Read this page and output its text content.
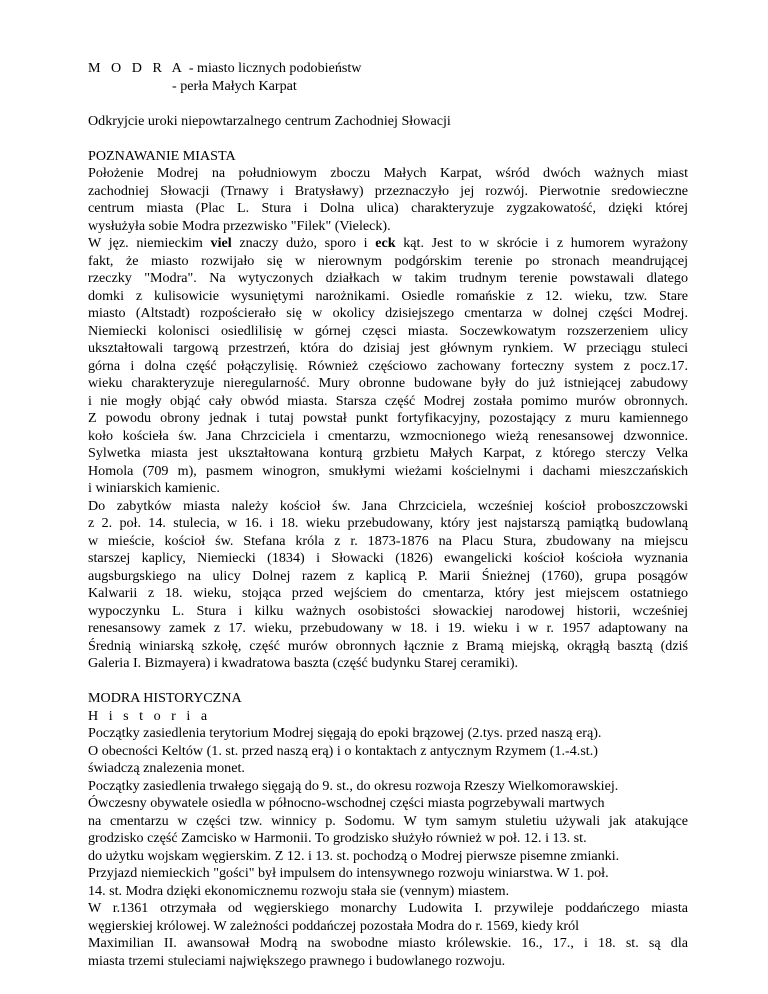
M O D R A - miasto licznych podobieństw
- perła Małych Karpat

Odkryjcie uroki niepowtarzalnego centrum Zachodniej Słowacji

POZNAWANIE MIASTA

Położenie Modrej na południowym zboczu Małych Karpat, wśród dwóch ważnych miast

zachodniej Słowacji (Trnawy i Bratysławy) przeznaczyło jej rozwój. Pierwotnie sredowieczne

centrum miasta (Plac L. Stura i Dolna ulica) charakteryzuje zygzakowatość, dzięki której

wysłużyła sobie Modra przezwisko "Filek" (Vieleck).

W jęz. niemieckim viel znaczy dużo, sporo i eck kąt. Jest to w skrócie i z humorem wyrażony

fakt, że miasto rozwijało się w nierownym podgórskim terenie po stronach meandrującej

rzeczky "Modra". Na wytyczonych działkach w takim trudnym terenie powstawali dlatego

domki z kulisowicie wysuniętymi narożnikami. Osiedle romańskie z 12. wieku, tzw. Stare

miasto (Altstadt) rozpościerało się w okolicy dzisiejszego cmentarza w dolnej części Modrej.

Niemiecki kolonisci osiedlilisię w górnej częsci miasta. Soczewkowatym rozszerzeniem ulicy

ukształtowali targową przestrzeń, która do dzisiaj jest głównym rynkiem. W przeciągu stuleci

górna i dolna część połączylisię. Również częściowo zachowany forteczny system z pocz.17.

wieku charakteryzuje nieregularność. Mury obronne budowane były do już istniejącej zabudowy

i nie mogły objąć cały obwód miasta. Starsza część Modrej została pomimo murów obronnych.

Z powodu obrony jednak i tutaj powstał punkt fortyfikacyjny, pozostający z muru kamiennego

koło kościeła św. Jana Chrzciciela i cmentarzu, wzmocnionego wieżą renesansowej dzwonnice.

Sylwetka miasta jest ukształtowana konturą grzbietu Małych Karpat, z którego sterczy Velka

Homola (709 m), pasmem winogron, smukłymi wieżami kościelnymi i dachami mieszczańskich

i winiarskich kamienic.

Do zabytków miasta należy kościoł św. Jana Chrzciciela, wcześniej kościoł proboszczowski

z 2. poł. 14. stulecia, w 16. i 18. wieku przebudowany, który jest najstarszą pamiątką budowlaną

w mieście, kościoł św. Stefana króla z r. 1873-1876 na Placu Stura, zbudowany na miejscu

starszej kaplicy, Niemiecki (1834) i Słowacki (1826) ewangelicki kościoł kościoła wyznania

augsburgskiego na ulicy Dolnej razem z kaplicą P. Marii Śnieżnej (1760), grupa posągów

Kalwarii z 18. wieku, stojąca przed wejściem do cmentarza, który jest miejscem ostatniego

wypoczynku L. Stura i kilku ważnych osobistości słowackiej narodowej historii, wcześniej

renesansowy zamek z 17. wieku, przebudowany w 18. i 19. wieku i w r. 1957 adaptowany na

Średnią winiarską szkołę, część murów obronnych łącznie z Bramą miejską, okrągłą basztą (dziś

Galeria I. Bizmayera) i kwadratowa baszta (część budynku Starej ceramiki).

MODRA HISTORYCZNA

H i s t o r i a

Początky zasiedlenia terytorium Modrej sięgają do epoki brązowej (2.tys. przed naszą erą).

O obecności Keltów (1. st. przed naszą erą) i o kontaktach z antycznym Rzymem (1.-4.st.)

świadczą znalezenia monet.

Początky zasiedlenia trwałego sięgają do 9. st., do okresu rozwoja Rzeszy Wielkomorawskiej.

Ówczesny obywatele osiedla w północno-wschodnej części miasta pogrzebywali martwych

na cmentarzu w części tzw. winnicy p. Sodomu. W tym samym stuletiu używali jak atakujące

grodzisko część Zamcisko w Harmonii. To grodzisko służyło również w poł. 12. i 13. st.

do użytku wojskam węgierskim. Z 12. i 13. st. pochodzą o Modrej pierwsze pisemne zmianki.

Przyjazd niemieckich "gości" był impulsem do intensywnego rozwoju winiarstwa. W 1. poł.

14. st. Modra dzięki ekonomicznemu rozwoju stała sie (vennym) miastem.

W r.1361 otrzymała od węgierskiego monarchy Ludowita I. przywileje poddańczego miasta

węgierskiej królowej. W zależności poddańczej pozostała Modra do r. 1569, kiedy król

Maximilian II. awansował Modrą na swobodne miasto królewskie. 16., 17., i 18. st. są dla

miasta trzemi stuleciami największego prawnego i budowlanego rozwoju.
